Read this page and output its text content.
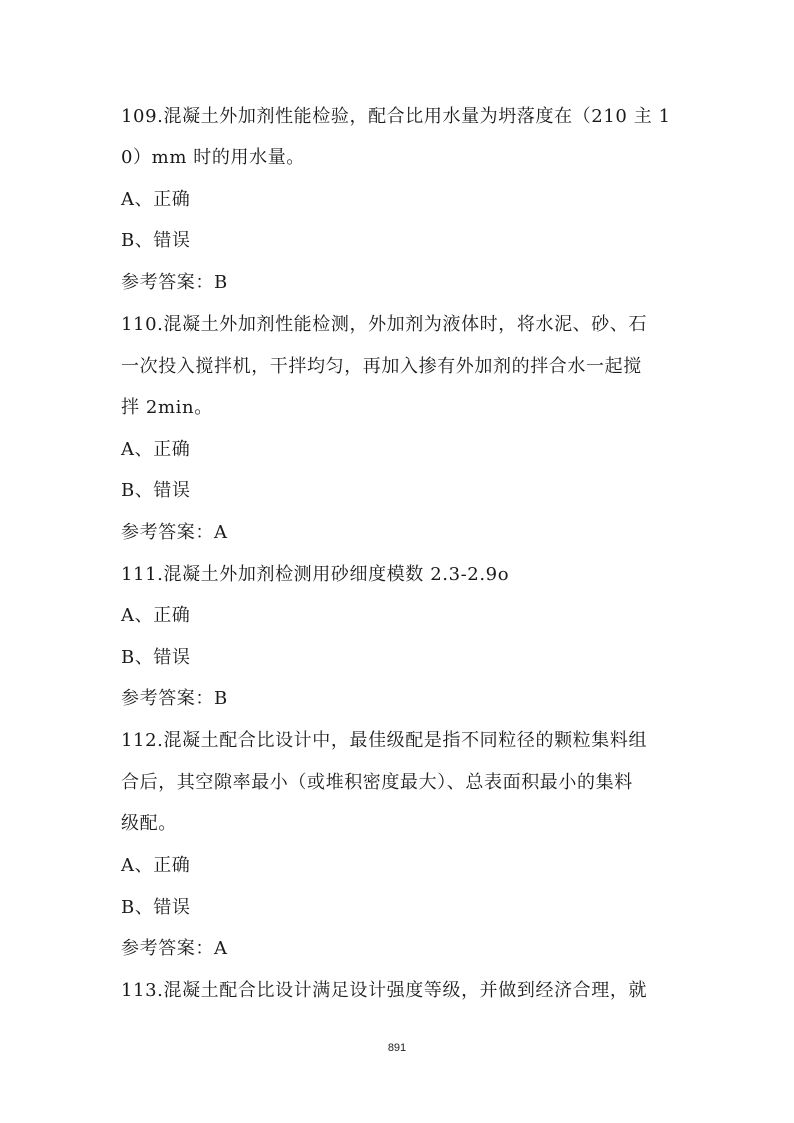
109.混凝土外加剂性能检验，配合比用水量为坍落度在（210 主 1
0）mm 时的用水量。
A、正确
B、错误
参考答案：B
110.混凝土外加剂性能检测，外加剂为液体时，将水泥、砂、石
一次投入搅拌机，干拌均匀，再加入掺有外加剂的拌合水一起搅
拌 2min。
A、正确
B、错误
参考答案：A
111.混凝土外加剂检测用砂细度模数 2.3-2.9o
A、正确
B、错误
参考答案：B
112.混凝土配合比设计中，最佳级配是指不同粒径的颗粒集料组
合后，其空隙率最小（或堆积密度最大）、总表面积最小的集料
级配。
A、正确
B、错误
参考答案：A
113.混凝土配合比设计满足设计强度等级，并做到经济合理，就
891
